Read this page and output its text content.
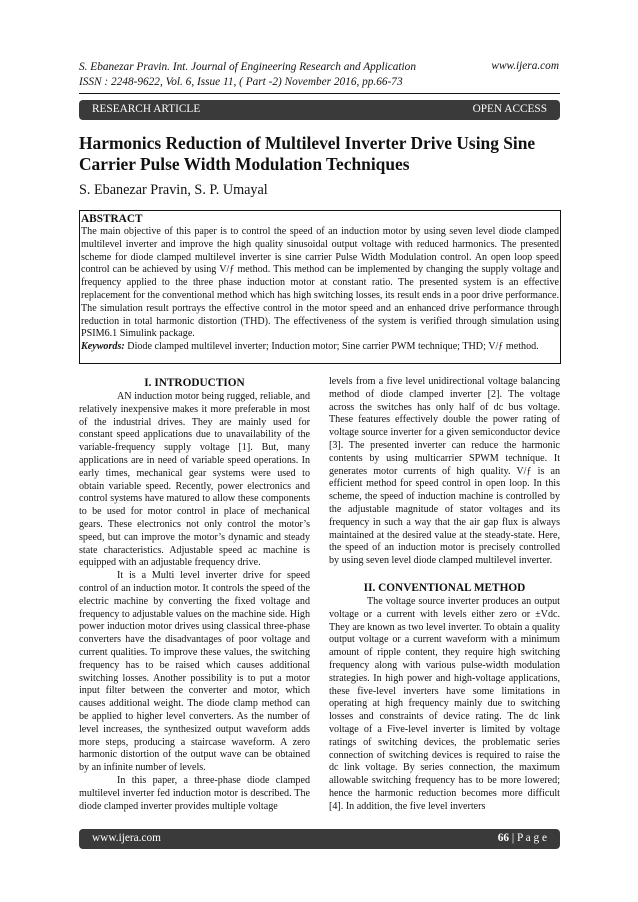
S. Ebanezar Pravin. Int. Journal of Engineering Research and Application
ISSN : 2248-9622, Vol. 6, Issue 11, ( Part -2) November 2016, pp.66-73
www.ijera.com
RESEARCH ARTICLE	OPEN ACCESS
Harmonics Reduction of Multilevel Inverter Drive Using Sine Carrier Pulse Width Modulation Techniques
S. Ebanezar Pravin, S. P. Umayal
ABSTRACT

The main objective of this paper is to control the speed of an induction motor by using seven level diode clamped multilevel inverter and improve the high quality sinusoidal output voltage with reduced harmonics. The presented scheme for diode clamped multilevel inverter is sine carrier Pulse Width Modulation control. An open loop speed control can be achieved by using V/ƒ method. This method can be implemented by changing the supply voltage and frequency applied to the three phase induction motor at constant ratio. The presented system is an effective replacement for the conventional method which has high switching losses, its result ends in a poor drive performance. The simulation result portrays the effective control in the motor speed and an enhanced drive performance through reduction in total harmonic distortion (THD). The effectiveness of the system is verified through simulation using PSIM6.1 Simulink package.

Keywords: Diode clamped multilevel inverter; Induction motor; Sine carrier PWM technique; THD; V/ƒ method.

I. INTRODUCTION

AN induction motor being rugged, reliable, and relatively inexpensive makes it more preferable in most of the industrial drives. They are mainly used for constant speed applications due to unavailability of the variable-frequency supply voltage [1]. But, many applications are in need of variable speed operations. In early times, mechanical gear systems were used to obtain variable speed. Recently, power electronics and control systems have matured to allow these components to be used for motor control in place of mechanical gears. These electronics not only control the motor’s speed, but can improve the motor’s dynamic and steady state characteristics. Adjustable speed ac machine is equipped with an adjustable frequency drive.

It is a Multi level inverter drive for speed control of an induction motor. It controls the speed of the electric machine by converting the fixed voltage and frequency to adjustable values on the machine side. High power induction motor drives using classical three-phase converters have the disadvantages of poor voltage and current qualities. To improve these values, the switching frequency has to be raised which causes additional switching losses. Another possibility is to put a motor input filter between the converter and motor, which causes additional weight. The diode clamp method can be applied to higher level converters. As the number of level increases, the synthesized output waveform adds more steps, producing a staircase waveform. A zero harmonic distortion of the output wave can be obtained by an infinite number of levels.

In this paper, a three-phase diode clamped multilevel inverter fed induction motor is described. The diode clamped inverter provides multiple voltage

levels from a five level unidirectional voltage balancing method of diode clamped inverter [2]. The voltage across the switches has only half of dc bus voltage. These features effectively double the power rating of voltage source inverter for a given semiconductor device [3]. The presented inverter can reduce the harmonic contents by using multicarrier SPWM technique. It generates motor currents of high quality. V/ƒ is an efficient method for speed control in open loop. In this scheme, the speed of induction machine is controlled by the adjustable magnitude of stator voltages and its frequency in such a way that the air gap flux is always maintained at the desired value at the steady-state. Here, the speed of an induction motor is precisely controlled by using seven level diode clamped multilevel inverter.

II. CONVENTIONAL METHOD

The voltage source inverter produces an output voltage or a current with levels either zero or ±Vdc. They are known as two level inverter. To obtain a quality output voltage or a current waveform with a minimum amount of ripple content, they require high switching frequency along with various pulse-width modulation strategies. In high power and high-voltage applications, these five-level inverters have some limitations in operating at high frequency mainly due to switching losses and constraints of device rating. The dc link voltage of a Five-level inverter is limited by voltage ratings of switching devices, the problematic series connection of switching devices is required to raise the dc link voltage. By series connection, the maximum allowable switching frequency has to be more lowered; hence the harmonic reduction becomes more difficult [4]. In addition, the five level inverters

www.ijera.com	66 | P a g e
